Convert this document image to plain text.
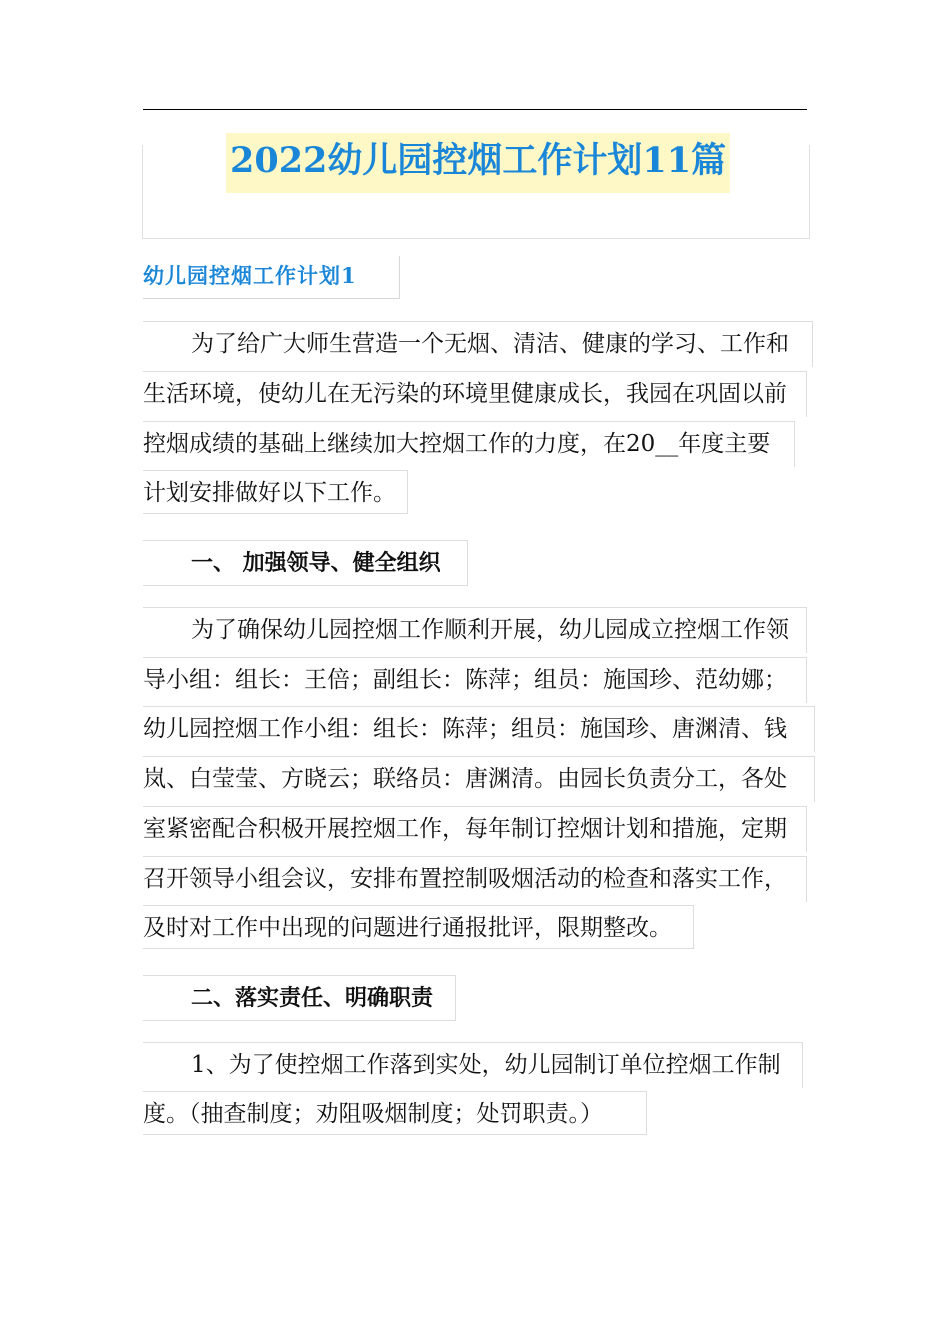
2022幼儿园控烟工作计划11篇
幼儿园控烟工作计划1
为了给广大师生营造一个无烟、清洁、健康的学习、工作和
生活环境，使幼儿在无污染的环境里健康成长，我园在巩固以前
控烟成绩的基础上继续加大控烟工作的力度，在20__年度主要
计划安排做好以下工作。
一、 加强领导、健全组织
为了确保幼儿园控烟工作顺利开展，幼儿园成立控烟工作领
导小组：组长：王倍；副组长：陈萍；组员：施国珍、范幼娜；
幼儿园控烟工作小组：组长：陈萍；组员：施国珍、唐渊清、钱
岚、白莹莹、方晓云；联络员：唐渊清。由园长负责分工，各处
室紧密配合积极开展控烟工作，每年制订控烟计划和措施，定期
召开领导小组会议，安排布置控制吸烟活动的检查和落实工作，
及时对工作中出现的问题进行通报批评，限期整改。
二、落实责任、明确职责
1、为了使控烟工作落到实处，幼儿园制订单位控烟工作制
度。（抽查制度；劝阻吸烟制度；处罚职责。）
